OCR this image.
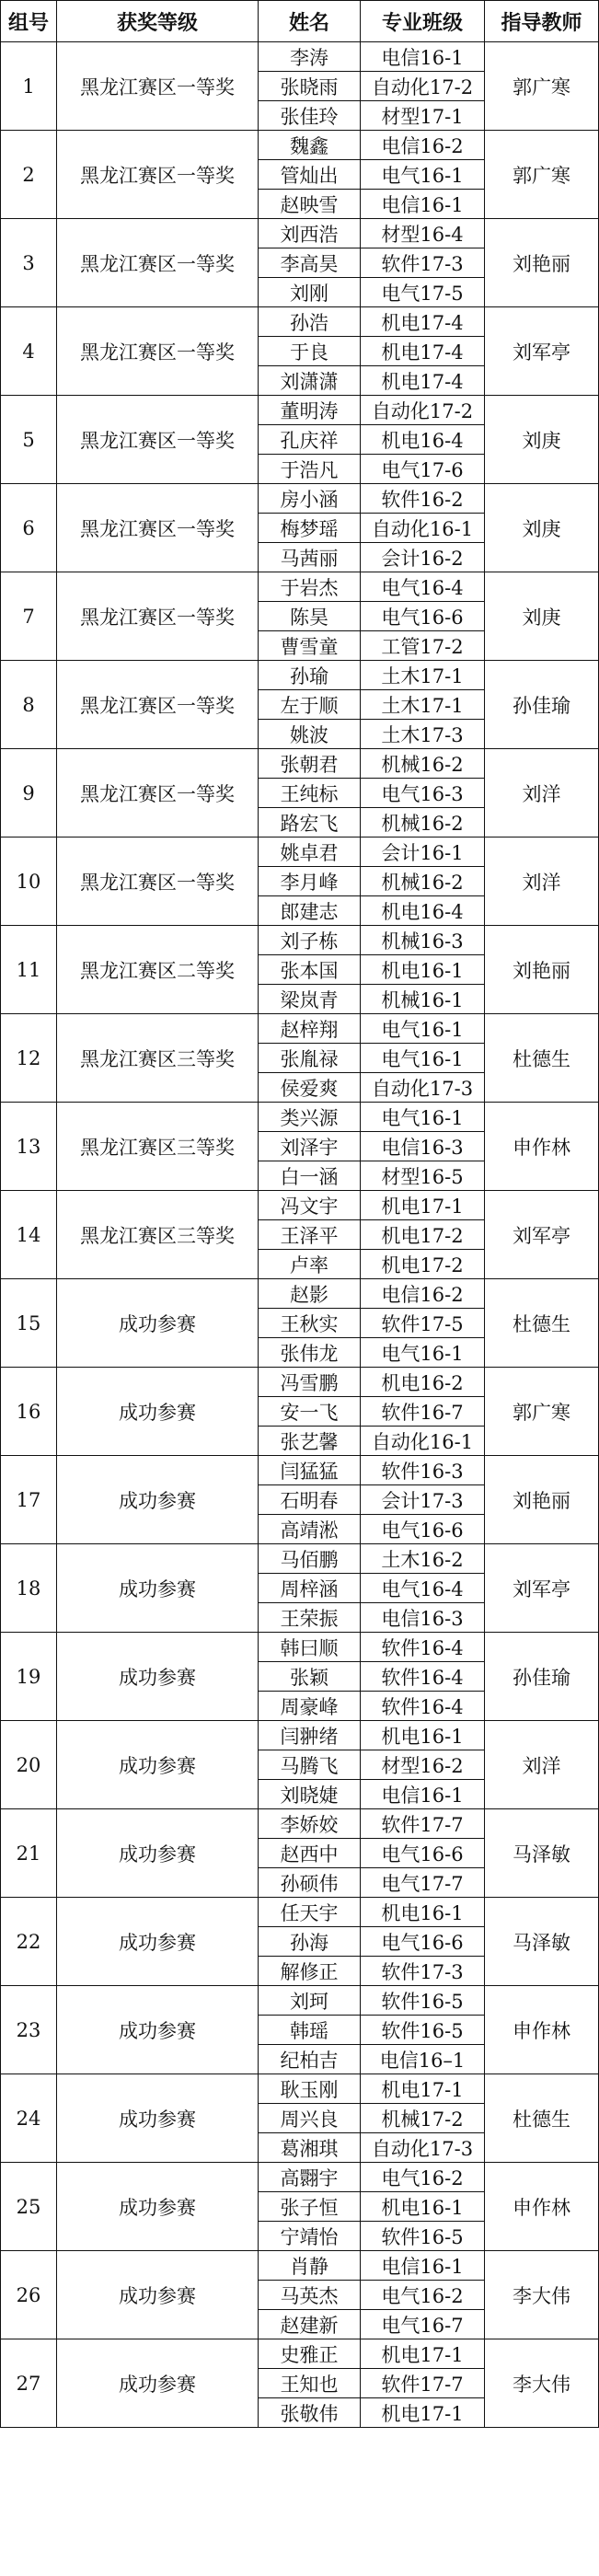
组号	获奖等级	姓名	专业班级	指导教师
1	黑龙江赛区一等奖	李涛	电信16-1	郭广寒
		张晓雨	自动化17-2	
		张佳玲	材型17-1	
2	黑龙江赛区一等奖	魏鑫	电信16-2	郭广寒
		管灿出	电气16-1	
		赵映雪	电信16-1	
3	黑龙江赛区一等奖	刘西浩	材型16-4	刘艳丽
		李高昊	软件17-3	
		刘刚	电气17-5	
4	黑龙江赛区一等奖	孙浩	机电17-4	刘军亭
		于良	机电17-4	
		刘潇潇	机电17-4	
5	黑龙江赛区一等奖	董明涛	自动化17-2	刘庚
		孔庆祥	机电16-4	
		于浩凡	电气17-6	
6	黑龙江赛区一等奖	房小涵	软件16-2	刘庚
		梅梦瑶	自动化16-1	
		马茜丽	会计16-2	
7	黑龙江赛区一等奖	于岩杰	电气16-4	刘庚
		陈昊	电气16-6	
		曹雪童	工管17-2	
8	黑龙江赛区一等奖	孙瑜	土木17-1	孙佳瑜
		左于顺	土木17-1	
		姚波	土木17-3	
9	黑龙江赛区一等奖	张朝君	机械16-2	刘洋
		王纯标	电气16-3	
		路宏飞	机械16-2	
10	黑龙江赛区一等奖	姚卓君	会计16-1	刘洋
		李月峰	机械16-2	
		郎建志	机电16-4	
11	黑龙江赛区二等奖	刘子栋	机械16-3	刘艳丽
		张本国	机电16-1	
		梁岚青	机械16-1	
12	黑龙江赛区三等奖	赵梓翔	电气16-1	杜德生
		张胤禄	电气16-1	
		侯爱爽	自动化17-3	
13	黑龙江赛区三等奖	类兴源	电气16-1	申作林
		刘泽宇	电信16-3	
		白一涵	材型16-5	
14	黑龙江赛区三等奖	冯文宇	机电17-1	刘军亭
		王泽平	机电17-2	
		卢率	机电17-2	
15	成功参赛	赵影	电信16-2	杜德生
		王秋实	软件17-5	
		张伟龙	电气16-1	
16	成功参赛	冯雪鹏	机电16-2	郭广寒
		安一飞	软件16-7	
		张艺馨	自动化16-1	
17	成功参赛	闫猛猛	软件16-3	刘艳丽
		石明春	会计17-3	
		高靖淞	电气16-6	
18	成功参赛	马佰鹏	土木16-2	刘军亭
		周梓涵	电气16-4	
		王荣振	电信16-3	
19	成功参赛	韩曰顺	软件16-4	孙佳瑜
		张颖	软件16-4	
		周豪峰	软件16-4	
20	成功参赛	闫翀绪	机电16-1	刘洋
		马腾飞	材型16-2	
		刘晓婕	电信16-1	
21	成功参赛	李娇姣	软件17-7	马泽敏
		赵西中	电气16-6	
		孙硕伟	电气17-7	
22	成功参赛	任天宇	机电16-1	马泽敏
		孙海	电气16-6	
		解修正	软件17-3	
23	成功参赛	刘珂	软件16-5	申作林
		韩瑶	软件16-5	
		纪柏吉	电信16–1	
24	成功参赛	耿玉刚	机电17-1	杜德生
		周兴良	机械17-2	
		葛湘琪	自动化17-3	
25	成功参赛	高翾宇	电气16-2	申作林
		张子恒	机电16-1	
		宁靖怡	软件16-5	
26	成功参赛	肖静	电信16-1	李大伟
		马英杰	电气16-2	
		赵建新	电气16-7	
27	成功参赛	史雅正	机电17-1	李大伟
		王知也	软件17-7	
		张敬伟	机电17-1	
